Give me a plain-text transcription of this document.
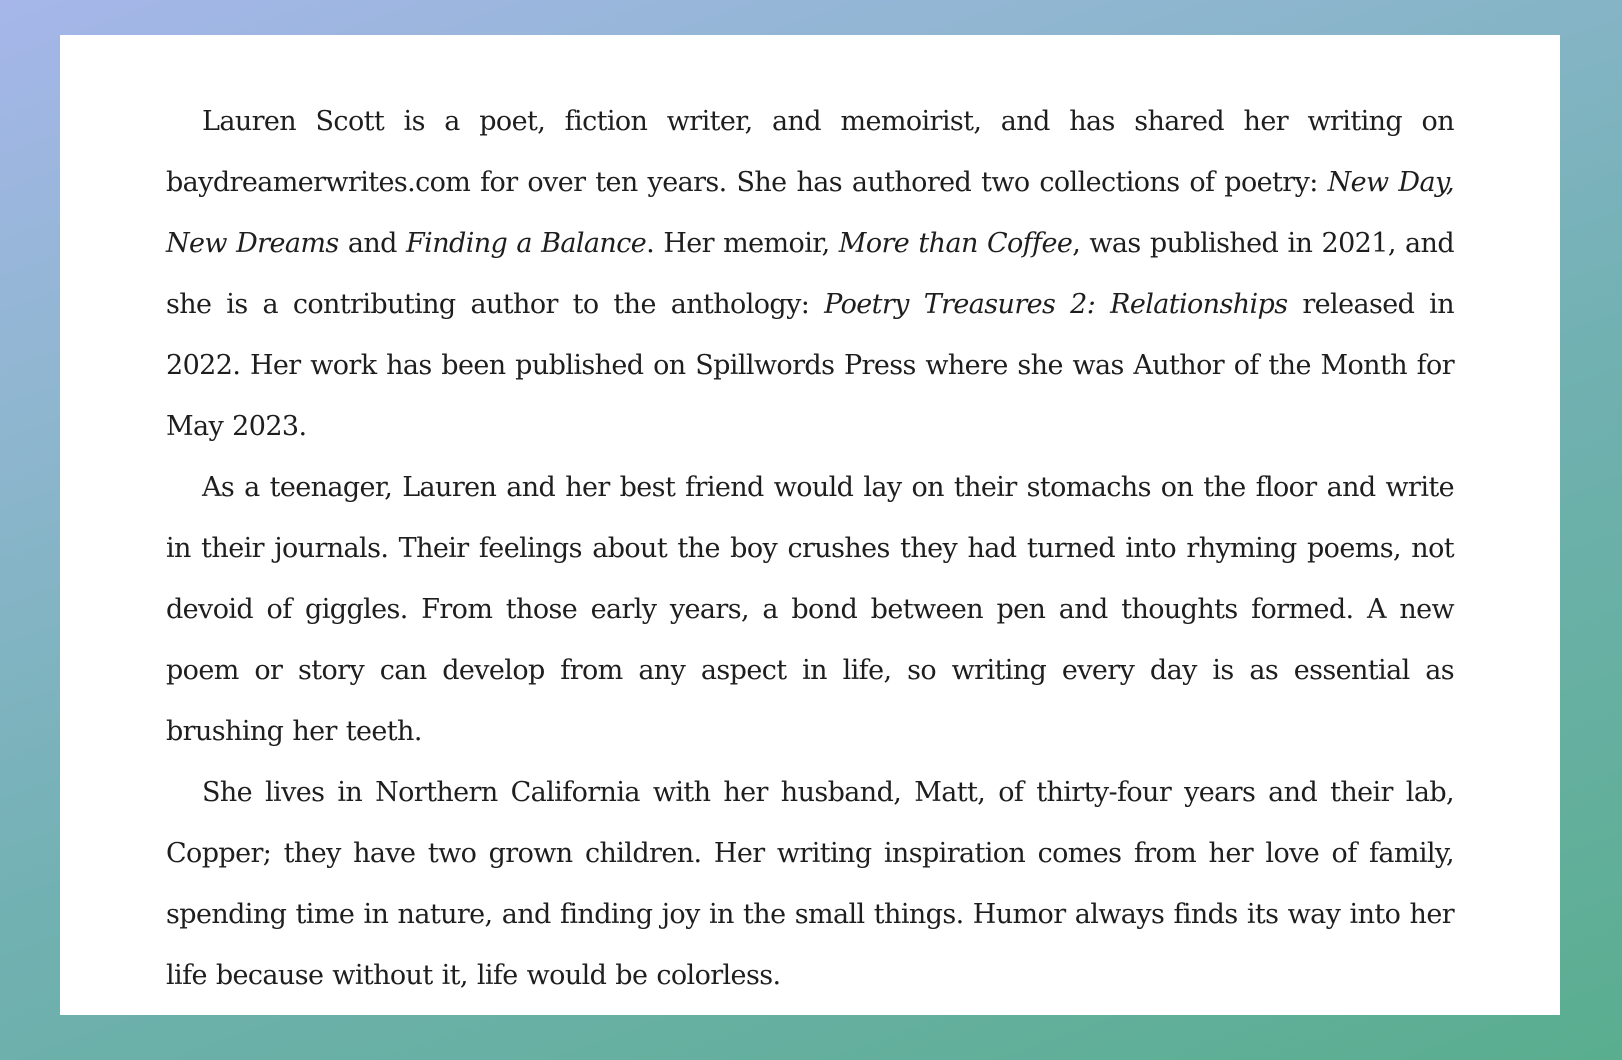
Lauren Scott is a poet, fiction writer, and memoirist, and has shared her writing on baydreamerwrites.com for over ten years. She has authored two collections of poetry: New Day, New Dreams and Finding a Balance. Her memoir, More than Coffee, was published in 2021, and she is a contributing author to the anthology: Poetry Treasures 2: Relationships released in 2022. Her work has been published on Spillwords Press where she was Author of the Month for May 2023.

As a teenager, Lauren and her best friend would lay on their stomachs on the floor and write in their journals. Their feelings about the boy crushes they had turned into rhyming poems, not devoid of giggles. From those early years, a bond between pen and thoughts formed. A new poem or story can develop from any aspect in life, so writing every day is as essential as brushing her teeth.

She lives in Northern California with her husband, Matt, of thirty-four years and their lab, Copper; they have two grown children. Her writing inspiration comes from her love of family, spending time in nature, and finding joy in the small things. Humor always finds its way into her life because without it, life would be colorless.
